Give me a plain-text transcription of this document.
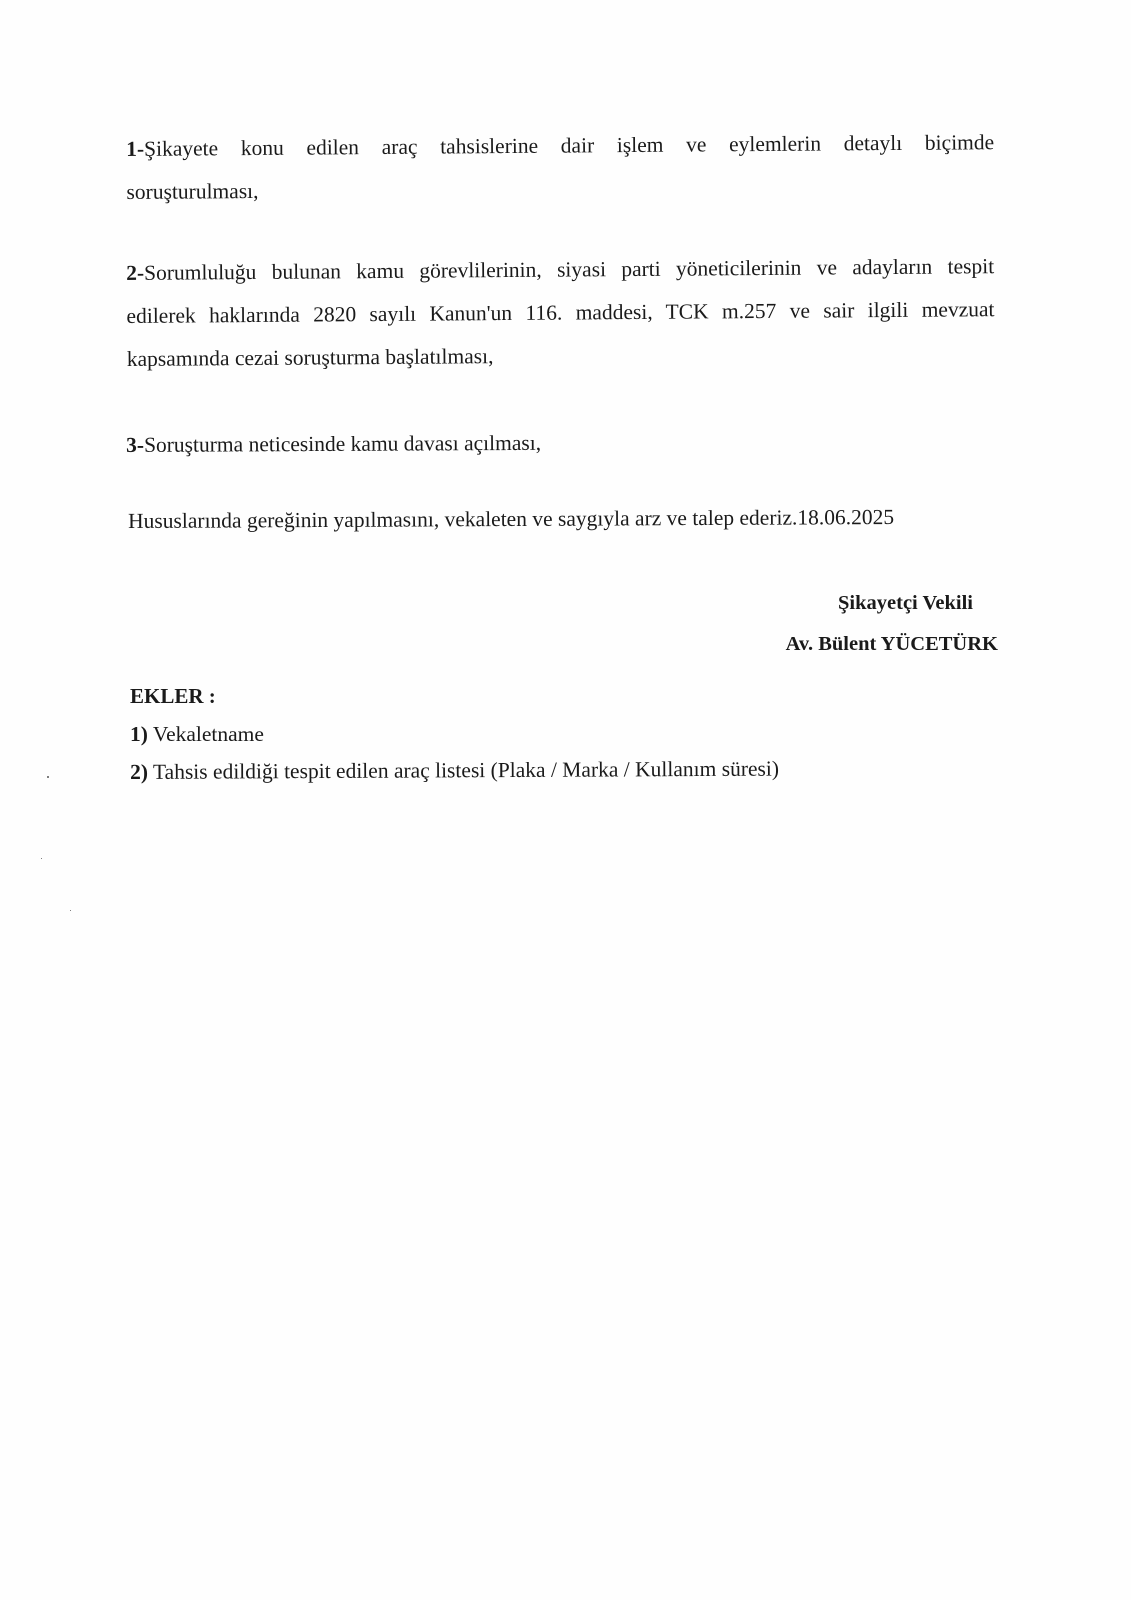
1-Şikayete konu edilen araç tahsislerine dair işlem ve eylemlerin detaylı biçimde
soruşturulması,
2-Sorumluluğu bulunan kamu görevlilerinin, siyasi parti yöneticilerinin ve adayların tespit
edilerek haklarında 2820 sayılı Kanun'un 116. maddesi, TCK m.257 ve sair ilgili mevzuat
kapsamında cezai soruşturma başlatılması,
3-Soruşturma neticesinde kamu davası açılması,
Hususlarında gereğinin yapılmasını, vekaleten ve saygıyla arz ve talep ederiz.18.06.2025

Şikayetçi Vekili

Av. Bülent YÜCETÜRK

EKLER :

1) Vekaletname

2) Tahsis edildiği tespit edilen araç listesi (Plaka / Marka / Kullanım süresi)
